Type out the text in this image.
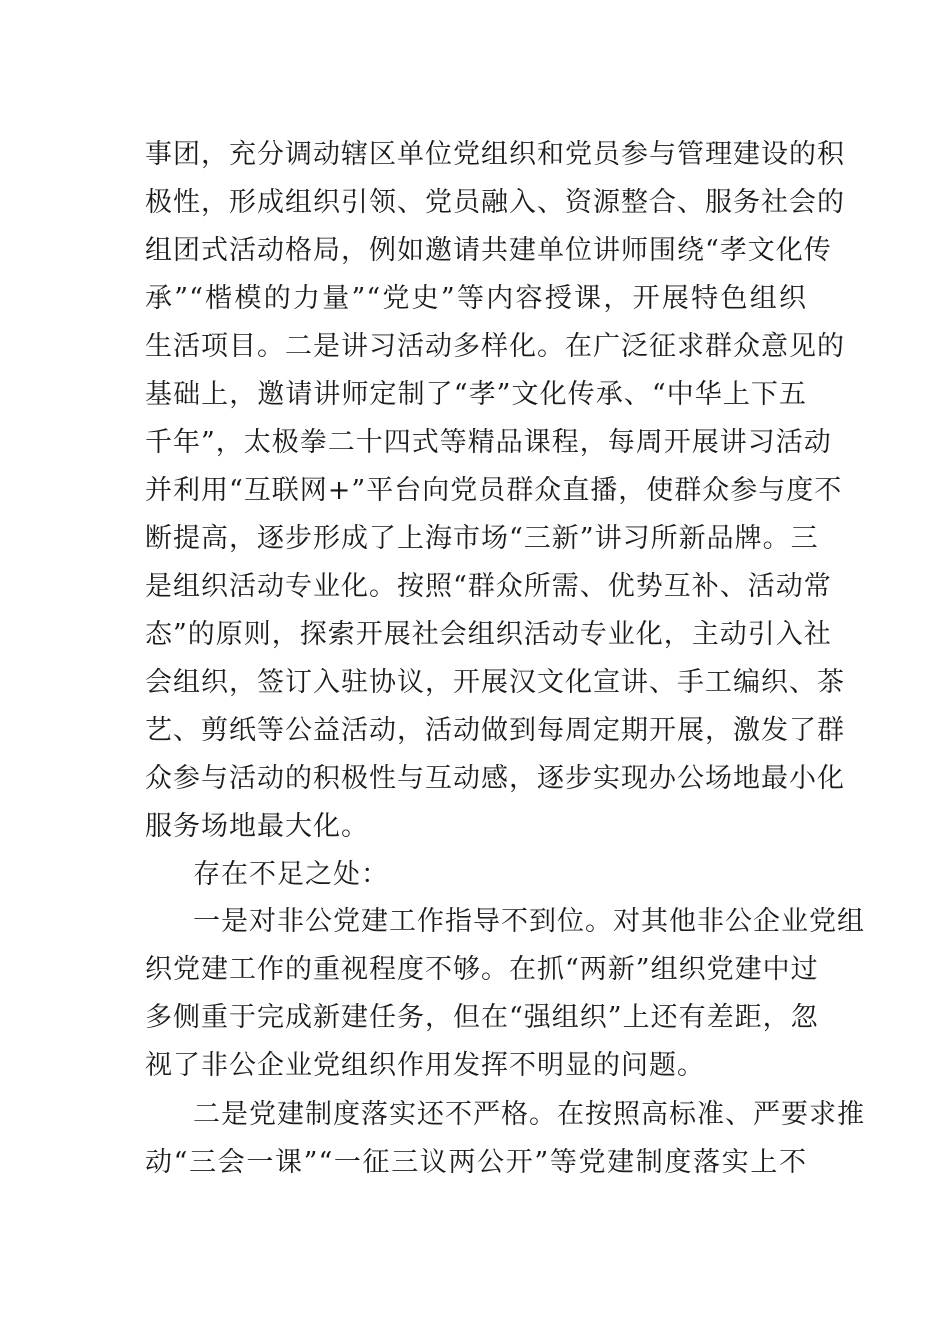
事团，充分调动辖区单位党组织和党员参与管理建设的积
极性，形成组织引领、党员融入、资源整合、服务社会的
组团式活动格局，例如邀请共建单位讲师围绕“孝文化传
承”“楷模的力量”“党史”等内容授课，开展特色组织
生活项目。二是讲习活动多样化。在广泛征求群众意见的
基础上，邀请讲师定制了“孝”文化传承、“中华上下五
千年”，太极拳二十四式等精品课程，每周开展讲习活动
并利用“互联网+”平台向党员群众直播，使群众参与度不
断提高，逐步形成了上海市场“三新”讲习所新品牌。三
是组织活动专业化。按照“群众所需、优势互补、活动常
态”的原则，探索开展社会组织活动专业化，主动引入社
会组织，签订入驻协议，开展汉文化宣讲、手工编织、茶
艺、剪纸等公益活动，活动做到每周定期开展，激发了群
众参与活动的积极性与互动感，逐步实现办公场地最小化
服务场地最大化。
存在不足之处：
一是对非公党建工作指导不到位。对其他非公企业党组
织党建工作的重视程度不够。在抓“两新”组织党建中过
多侧重于完成新建任务，但在“强组织”上还有差距，忽
视了非公企业党组织作用发挥不明显的问题。
二是党建制度落实还不严格。在按照高标准、严要求推
动“三会一课”“一征三议两公开”等党建制度落实上不
